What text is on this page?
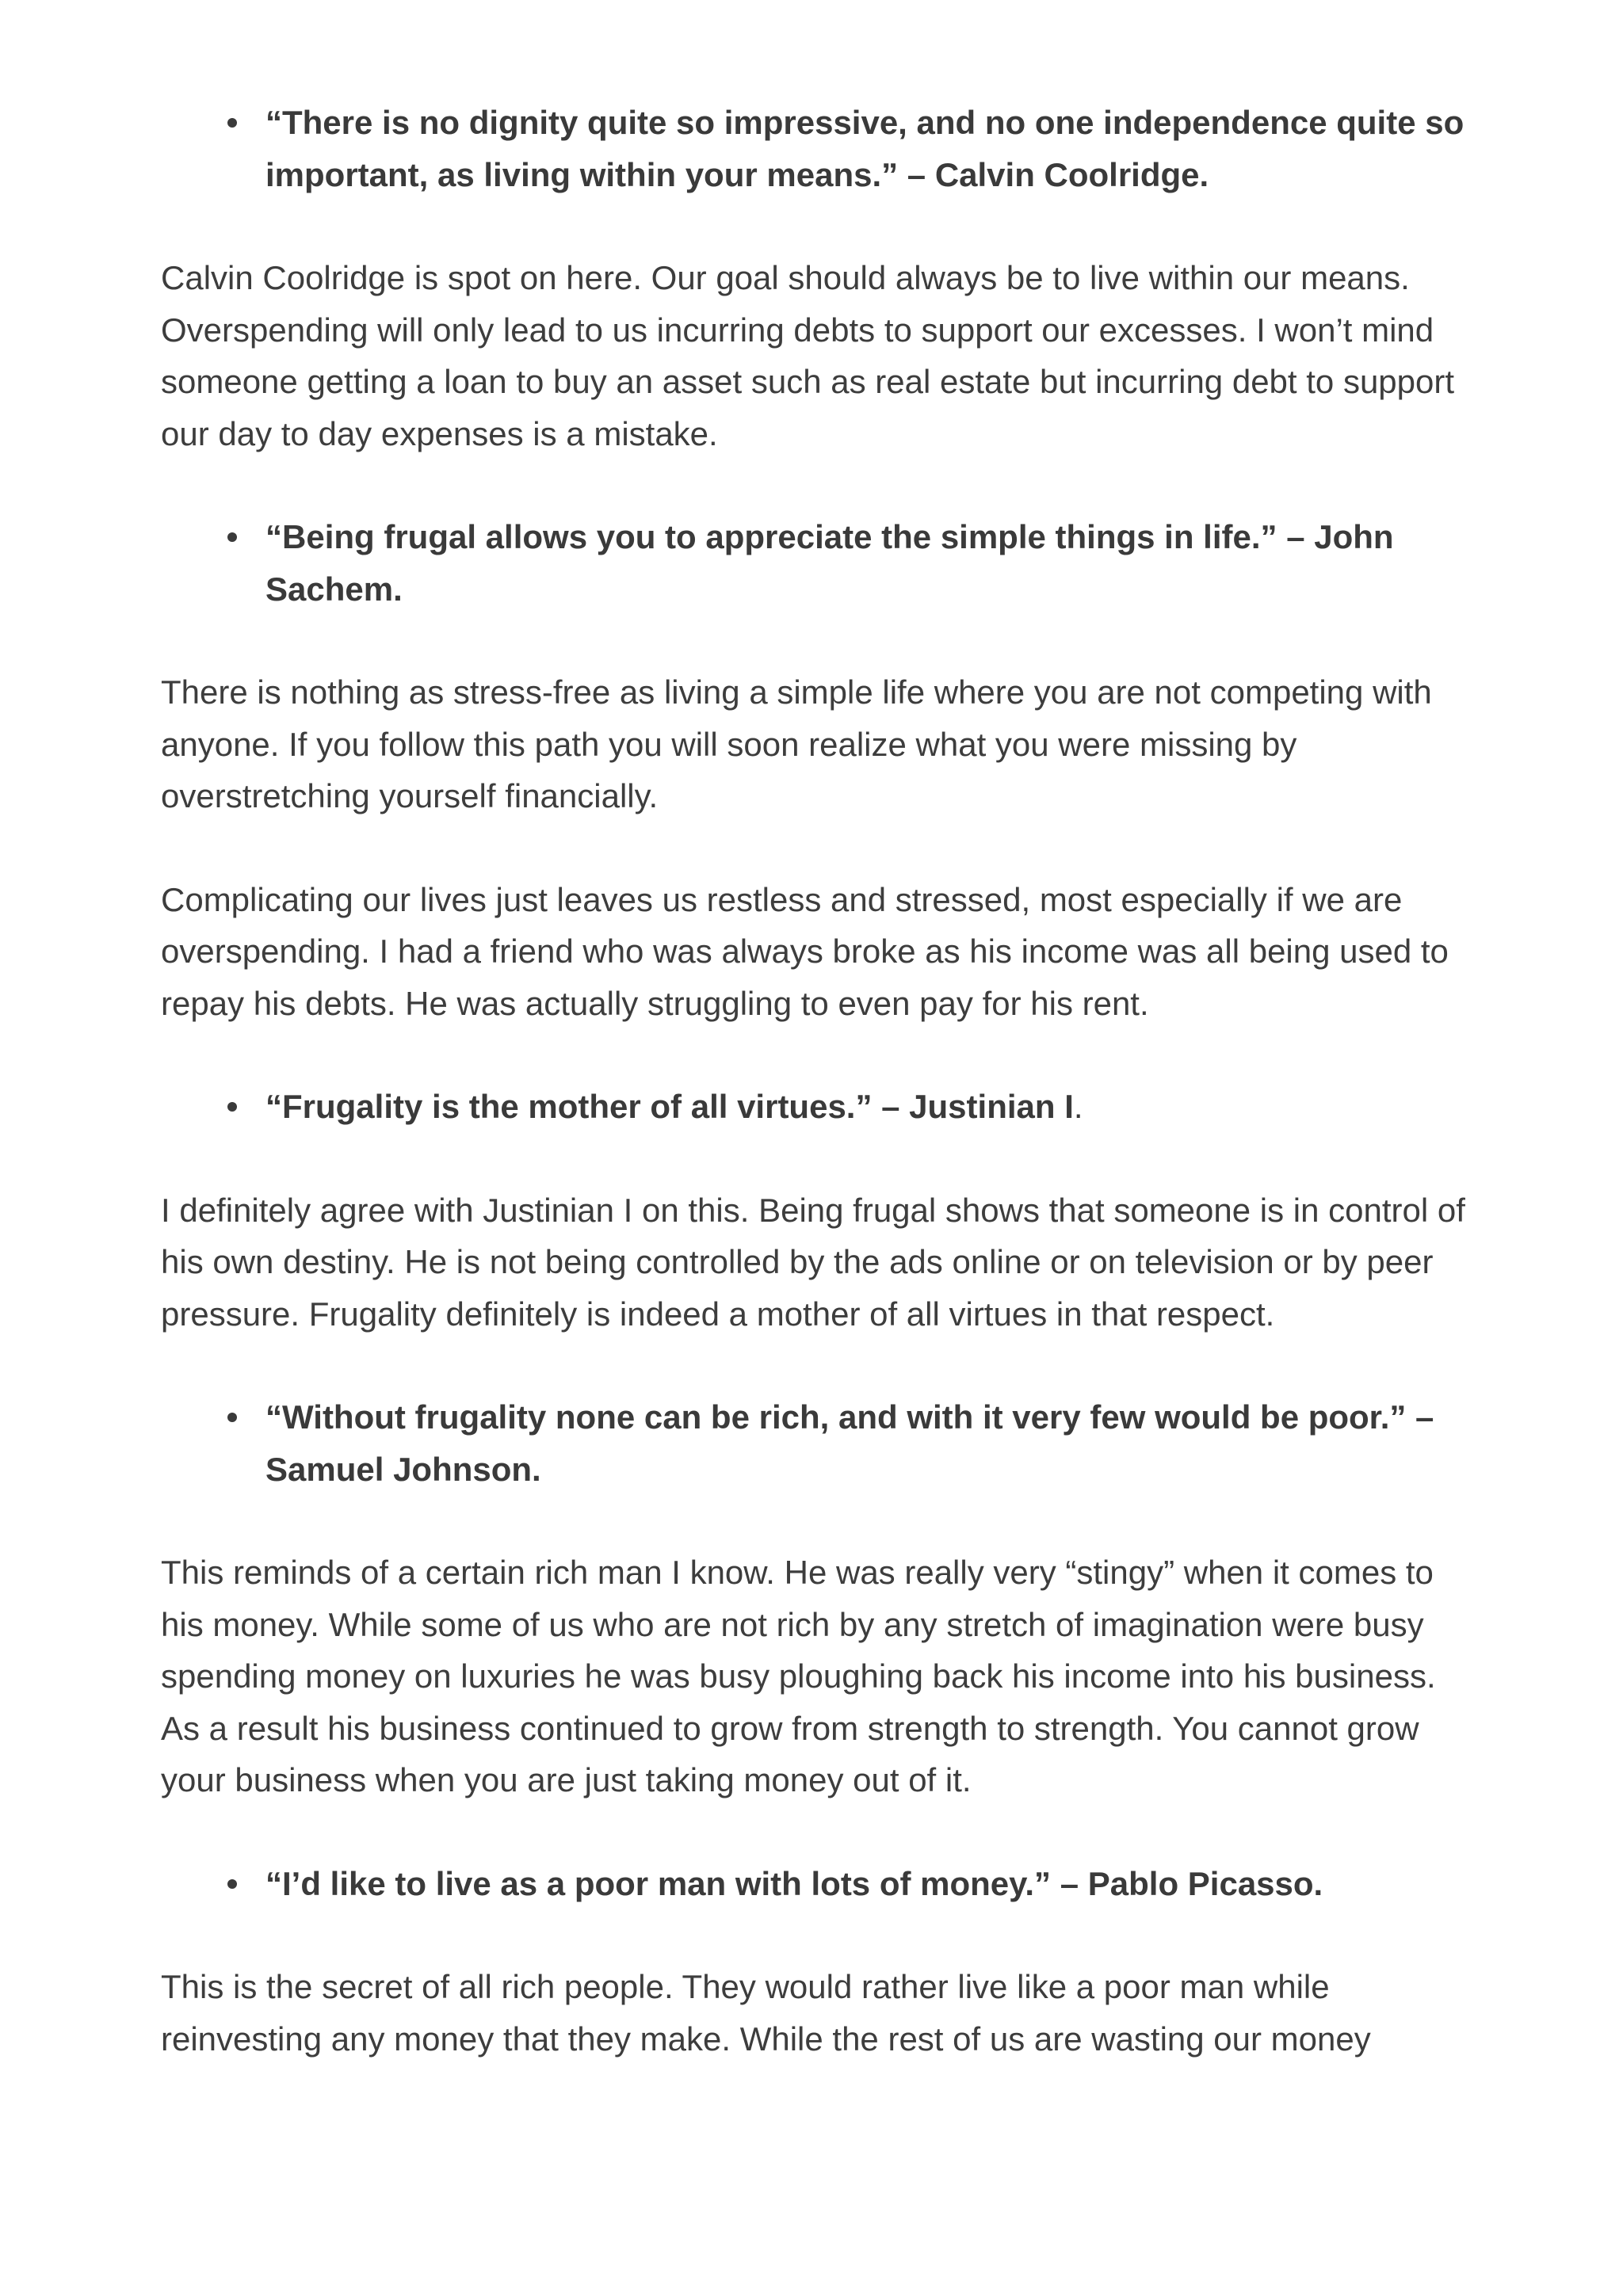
“There is no dignity quite so impressive, and no one independence quite so important, as living within your means.” – Calvin Coolridge.

Calvin Coolridge is spot on here. Our goal should always be to live within our means. Overspending will only lead to us incurring debts to support our excesses. I won’t mind someone getting a loan to buy an asset such as real estate but incurring debt to support our day to day expenses is a mistake.

“Being frugal allows you to appreciate the simple things in life.” – John Sachem.

There is nothing as stress-free as living a simple life where you are not competing with anyone. If you follow this path you will soon realize what you were missing by overstretching yourself financially.

Complicating our lives just leaves us restless and stressed, most especially if we are overspending. I had a friend who was always broke as his income was all being used to repay his debts. He was actually struggling to even pay for his rent.

“Frugality is the mother of all virtues.” – Justinian I.

I definitely agree with Justinian I on this. Being frugal shows that someone is in control of his own destiny. He is not being controlled by the ads online or on television or by peer pressure. Frugality definitely is indeed a mother of all virtues in that respect.

“Without frugality none can be rich, and with it very few would be poor.” – Samuel Johnson.

This reminds of a certain rich man I know. He was really very “stingy” when it comes to his money. While some of us who are not rich by any stretch of imagination were busy spending money on luxuries he was busy ploughing back his income into his business. As a result his business continued to grow from strength to strength. You cannot grow your business when you are just taking money out of it.

“I’d like to live as a poor man with lots of money.” – Pablo Picasso.

This is the secret of all rich people. They would rather live like a poor man while reinvesting any money that they make. While the rest of us are wasting our money
